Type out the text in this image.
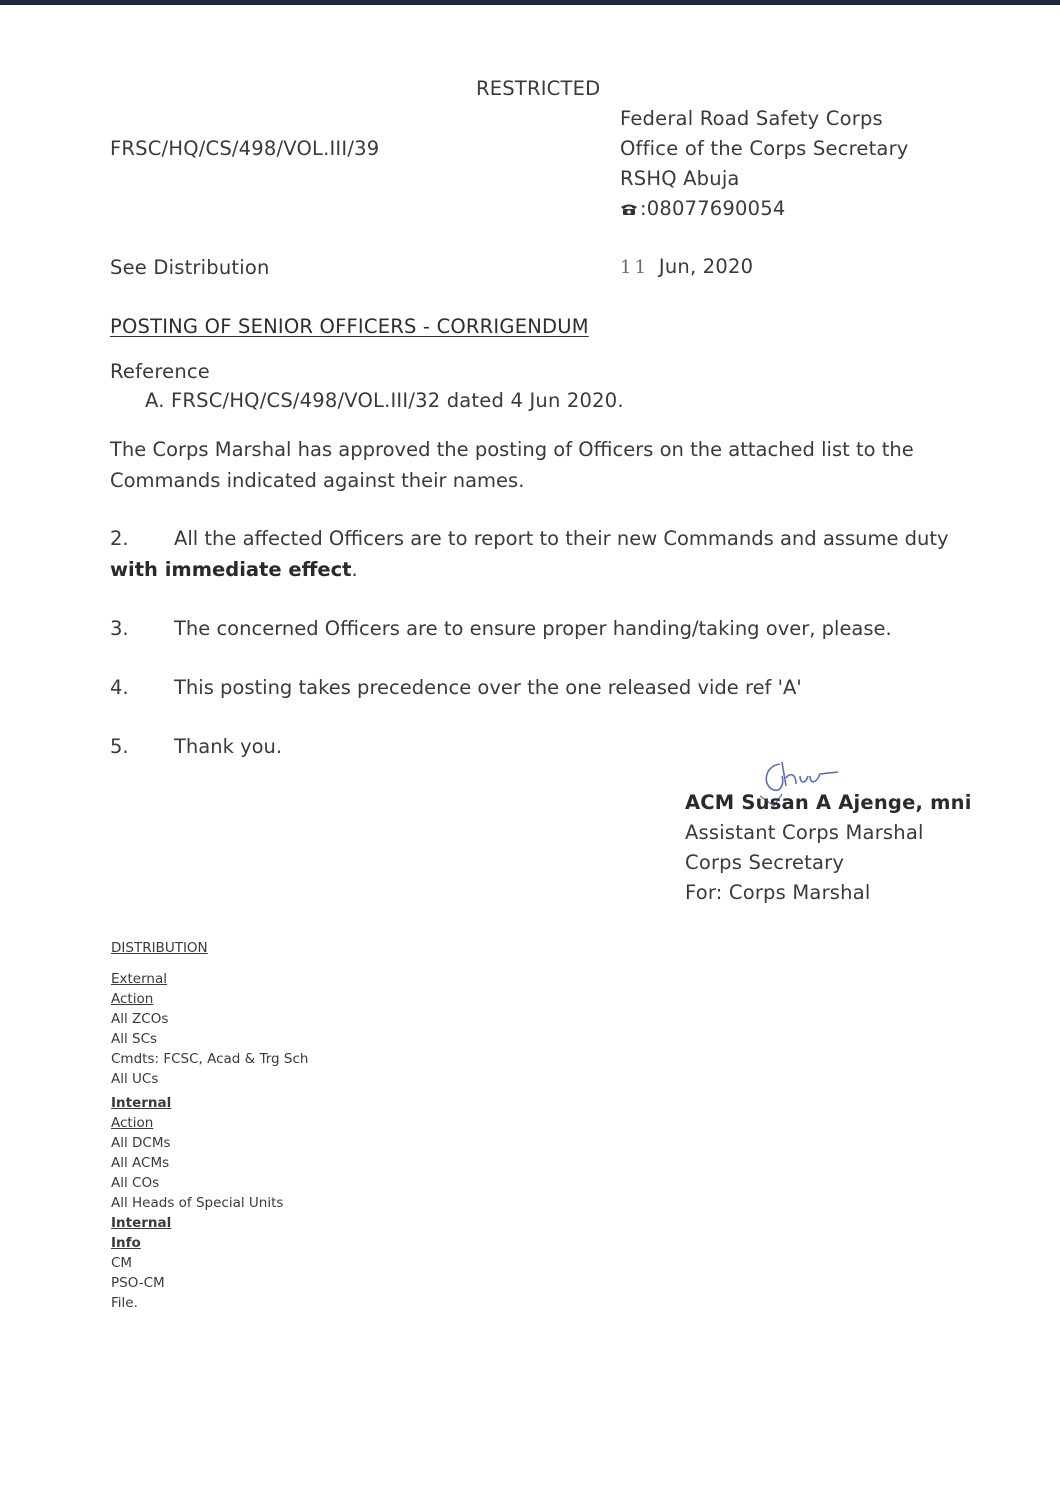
RESTRICTED
FRSC/HQ/CS/498/VOL.III/39
Federal Road Safety Corps
Office of the Corps Secretary
RSHQ Abuja
:08077690054
See Distribution	11 Jun, 2020
POSTING OF SENIOR OFFICERS - CORRIGENDUM
Reference
A. FRSC/HQ/CS/498/VOL.III/32 dated 4 Jun 2020.
The Corps Marshal has approved the posting of Officers on the attached list to the Commands indicated against their names.
2. All the affected Officers are to report to their new Commands and assume duty with immediate effect.
3. The concerned Officers are to ensure proper handing/taking over, please.
4. This posting takes precedence over the one released vide ref 'A'
5. Thank you.
ACM Susan A Ajenge, mni
Assistant Corps Marshal
Corps Secretary
For: Corps Marshal
DISTRIBUTION
External
Action
All ZCOs
All SCs
Cmdts: FCSC, Acad & Trg Sch
All UCs
Internal
Action
All DCMs
All ACMs
All COs
All Heads of Special Units
Internal
Info
CM
PSO-CM
File.
